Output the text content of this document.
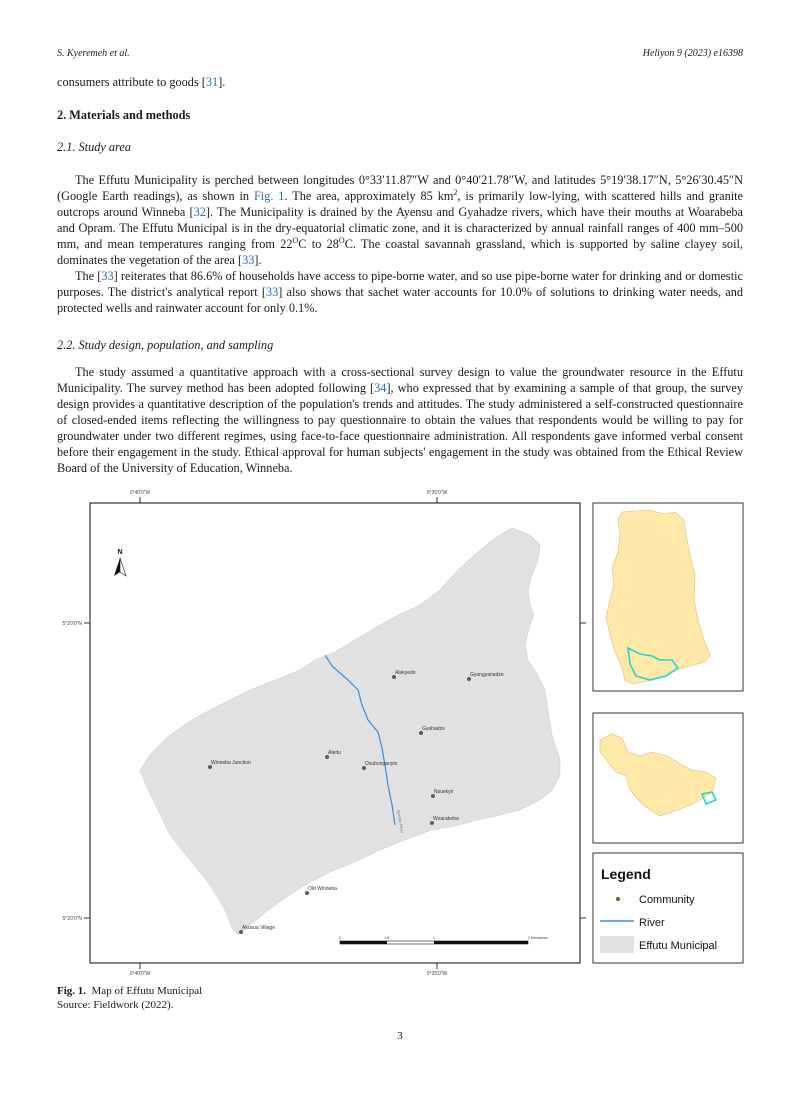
S. Kyeremeh et al.	Heliyon 9 (2023) e16398

consumers attribute to goods [31].

2. Materials and methods
2.1. Study area

The Effutu Municipality is perched between longitudes 0°33′11.87″W and 0°40′21.78″W, and latitudes 5°19′38.17″N, 5°26′30.45″N (Google Earth readings), as shown in Fig. 1. The area, approximately 85 $km^2$, is primarily low-lying, with scattered hills and granite outcrops around Winneba [32]. The Municipality is drained by the Ayensu and Gyahadze rivers, which have their mouths at Woarabeba and Opram. The Effutu Municipal is in the dry-equatorial climatic zone, and it is characterized by annual rainfall ranges of 400 mm–500 mm, and mean temperatures ranging from $22^OC$ to $28^OC$. The coastal savannah grassland, which is supported by saline clayey soil, dominates the vegetation of the area [33].

The [33] reiterates that 86.6% of households have access to pipe-borne water, and so use pipe-borne water for drinking and or domestic purposes. The district's analytical report [33] also shows that sachet water accounts for 10.0% of solutions to drinking water needs, and protected wells and rainwater account for only 0.1%.

2.2. Study design, population, and sampling

The study assumed a quantitative approach with a cross-sectional survey design to value the groundwater resource in the Effutu Municipality. The survey method has been adopted following [34], who expressed that by examining a sample of that group, the survey design provides a quantitative description of the population's trends and attitudes. The study administered a self-constructed questionnaire of closed-ended items reflecting the willingness to pay questionnaire to obtain the values that respondents would be willing to pay for groundwater under two different regimes, using face-to-face questionnaire administration. All respondents gave informed verbal consent before their engagement in the study. Ethical approval for human subjects' engagement in the study was obtained from the Ethical Review Board of the University of Education, Winneba.

0°40'0"W	0°35'0"W
0°40'0"W	0°35'0"W
5°20'0"N
5°20'0"N
Ayensu River
N
Alekyedo	Gyangyanadze
Gyahadze
Ateitu
Winneba Junction	Osubonpanyin
Nsuekyir
Woarabeba
Old Winneba
Akosua Village
0	0.5	1	2 Kilometres
Legend
Community
River
Effutu Municipal
Fig. 1. Map of Effutu Municipal
Source: Fieldwork (2022).
3
